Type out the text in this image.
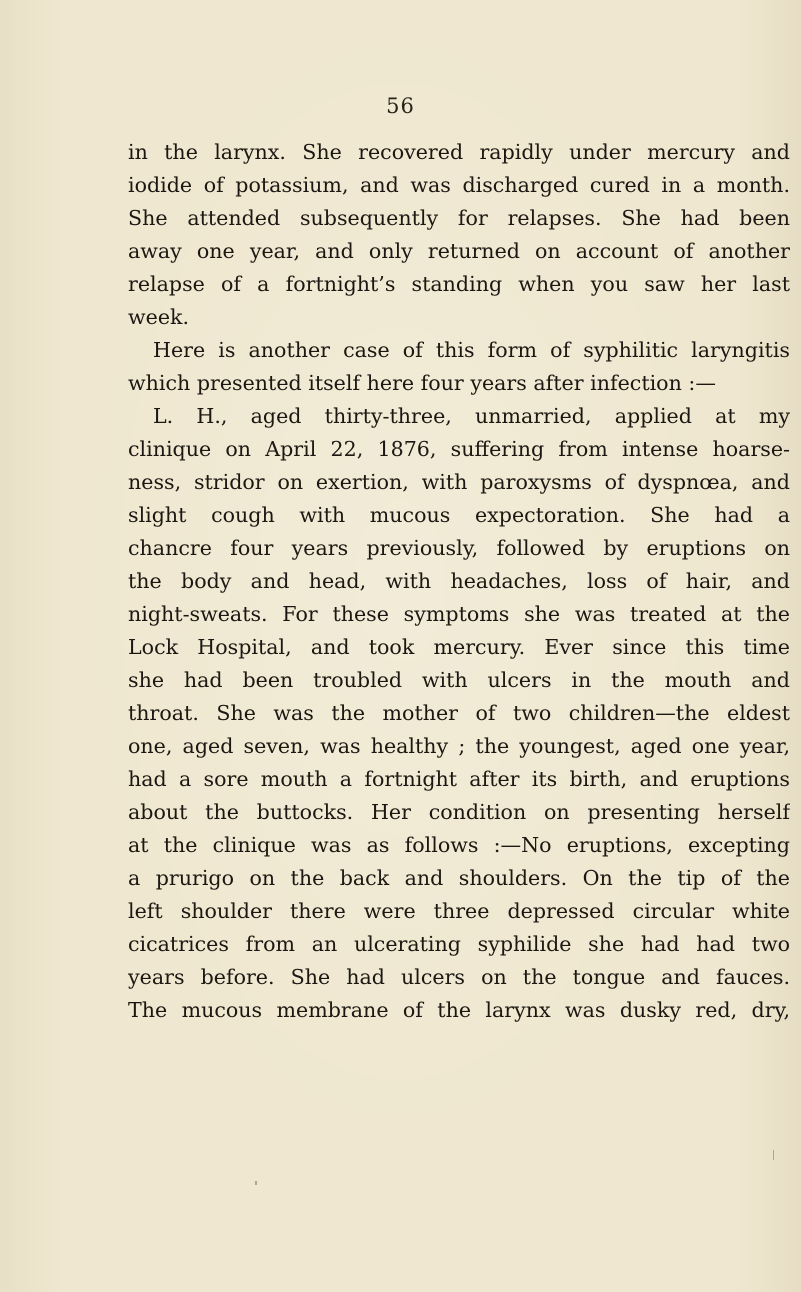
56
in the larynx. She recovered rapidly under mercury and
iodide of potassium, and was discharged cured in a month.
She attended subsequently for relapses. She had been
away one year, and only returned on account of another
relapse of a fortnight’s standing when you saw her last
week.
Here is another case of this form of syphilitic laryngitis
which presented itself here four years after infection :—
L. H., aged thirty-three, unmarried, applied at my
clinique on April 22, 1876, suffering from intense hoarse-
ness, stridor on exertion, with paroxysms of dyspnœa, and
slight cough with mucous expectoration. She had a
chancre four years previously, followed by eruptions on
the body and head, with headaches, loss of hair, and
night-sweats. For these symptoms she was treated at the
Lock Hospital, and took mercury. Ever since this time
she had been troubled with ulcers in the mouth and
throat. She was the mother of two children—the eldest
one, aged seven, was healthy ; the youngest, aged one year,
had a sore mouth a fortnight after its birth, and eruptions
about the buttocks. Her condition on presenting herself
at the clinique was as follows :—No eruptions, excepting
a prurigo on the back and shoulders. On the tip of the
left shoulder there were three depressed circular white
cicatrices from an ulcerating syphilide she had had two
years before. She had ulcers on the tongue and fauces.
The mucous membrane of the larynx was dusky red, dry,
